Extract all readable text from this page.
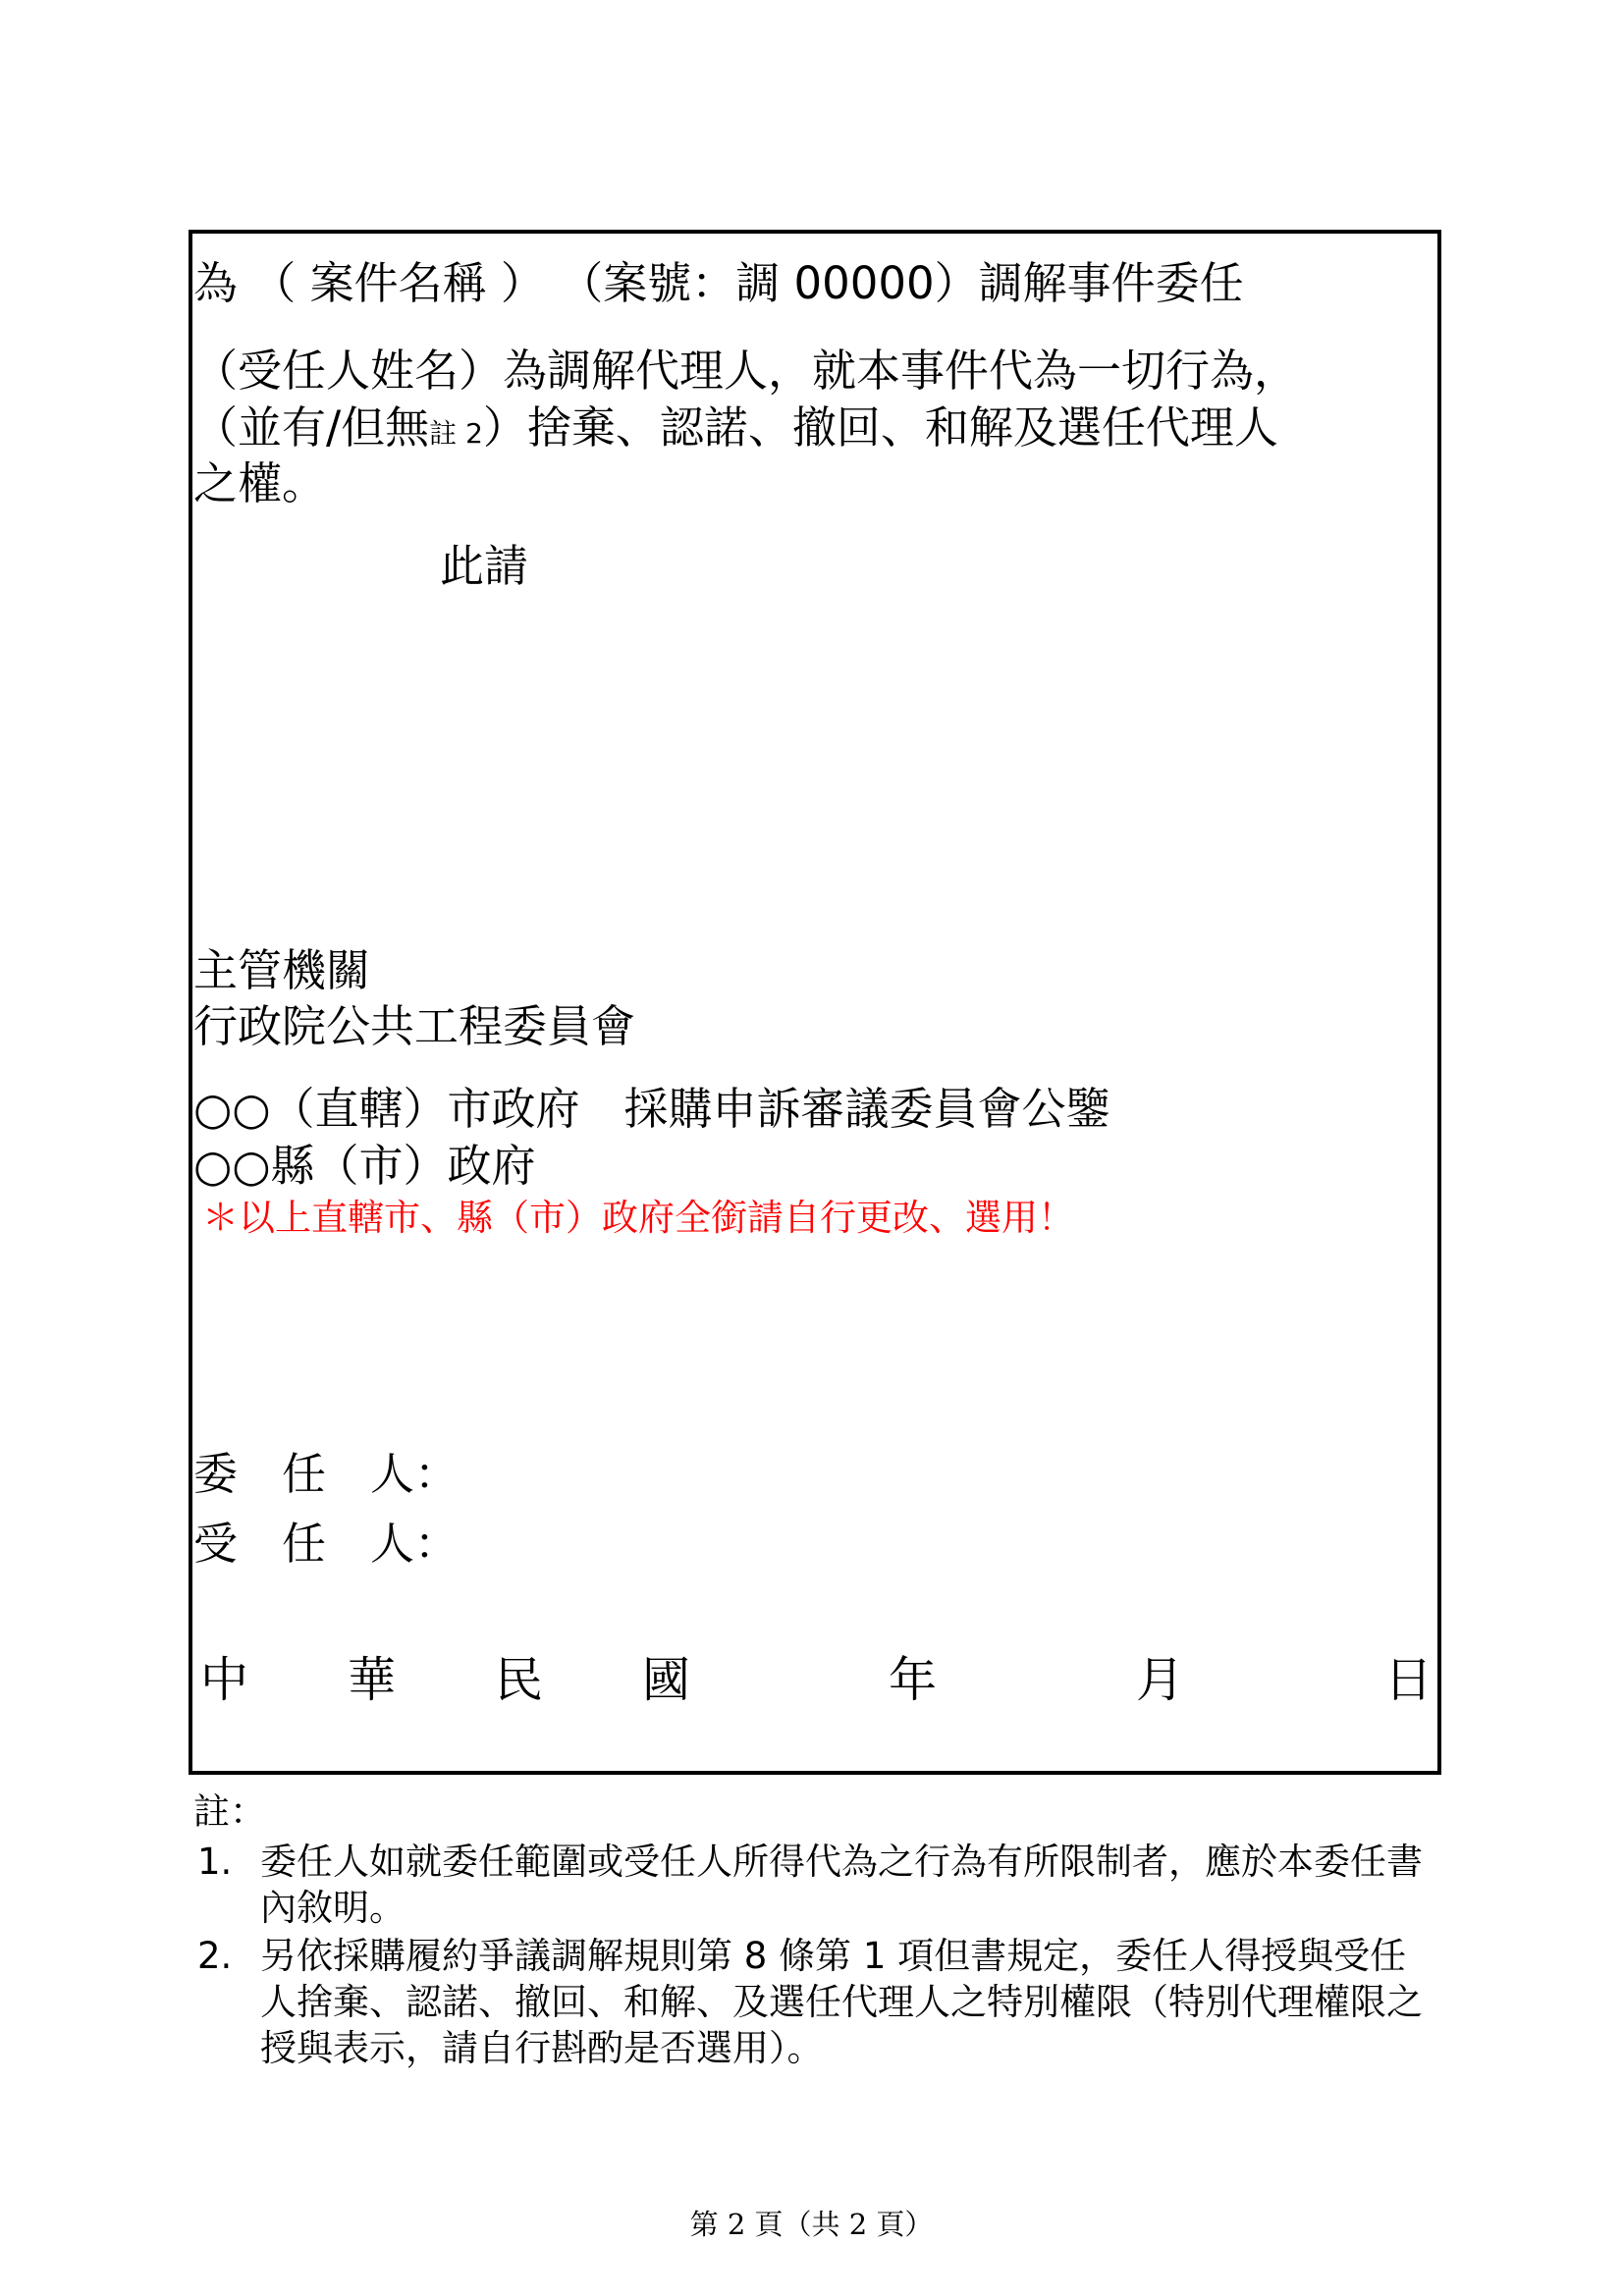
為 （ 案件名稱 ） （案號：調 00000）調解事件委任
（受任人姓名）為調解代理人，就本事件代為一切行為，
（並有/但無註 2）捨棄、認諾、撤回、和解及選任代理人
之權。
此請
主管機關
行政院公共工程委員會
○○（直轄）市政府　採購申訴審議委員會公鑒
○○縣（市）政府
＊以上直轄市、縣（市）政府全銜請自行更改、選用！
委　任　人：
受　任　人：
中 華 民 國	年	月	日
註：
1. 委任人如就委任範圍或受任人所得代為之行為有所限制者，應於本委任書內敘明。
2. 另依採購履約爭議調解規則第 8 條第 1 項但書規定，委任人得授與受任人捨棄、認諾、撤回、和解、及選任代理人之特別權限（特別代理權限之授與表示，請自行斟酌是否選用）。
第 2 頁（共 2 頁）
